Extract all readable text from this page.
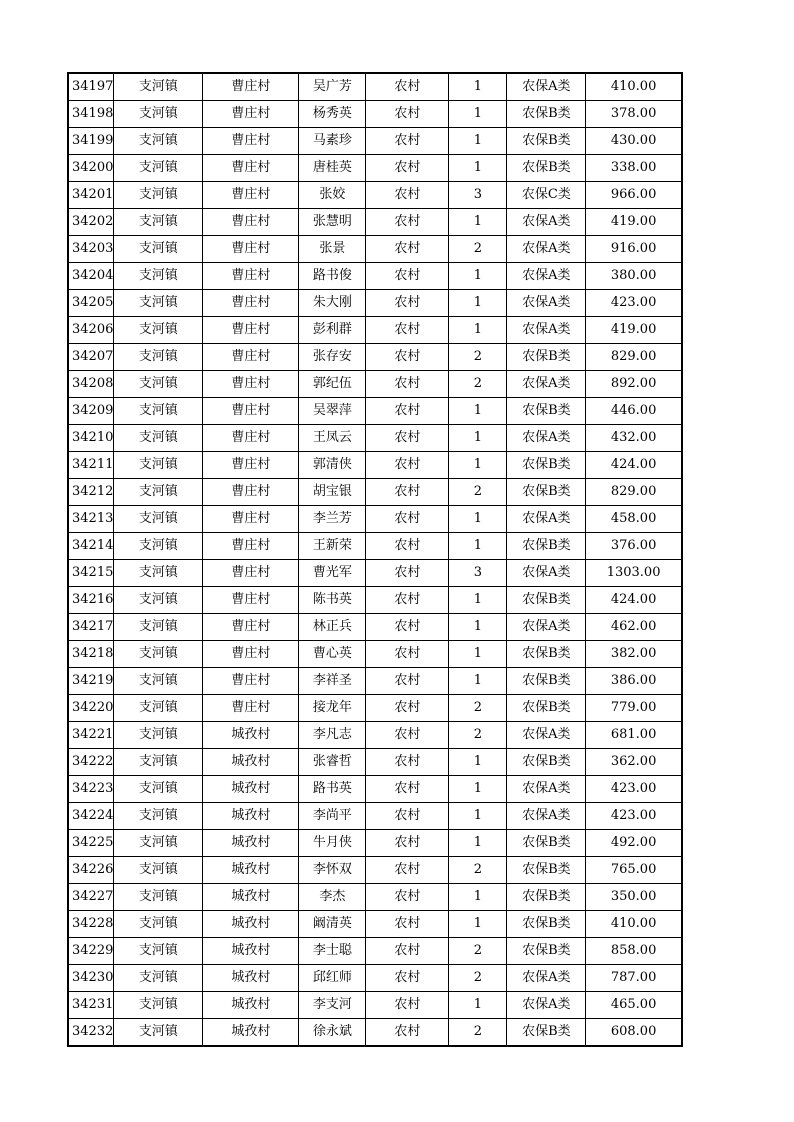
34197	支河镇	曹庄村	吴广芳	农村	1	农保A类	410.00
34198	支河镇	曹庄村	杨秀英	农村	1	农保B类	378.00
34199	支河镇	曹庄村	马素珍	农村	1	农保B类	430.00
34200	支河镇	曹庄村	唐桂英	农村	1	农保B类	338.00
34201	支河镇	曹庄村	张姣	农村	3	农保C类	966.00
34202	支河镇	曹庄村	张慧明	农村	1	农保A类	419.00
34203	支河镇	曹庄村	张景	农村	2	农保A类	916.00
34204	支河镇	曹庄村	路书俊	农村	1	农保A类	380.00
34205	支河镇	曹庄村	朱大刚	农村	1	农保A类	423.00
34206	支河镇	曹庄村	彭利群	农村	1	农保A类	419.00
34207	支河镇	曹庄村	张存安	农村	2	农保B类	829.00
34208	支河镇	曹庄村	郭纪伍	农村	2	农保A类	892.00
34209	支河镇	曹庄村	吴翠萍	农村	1	农保B类	446.00
34210	支河镇	曹庄村	王凤云	农村	1	农保A类	432.00
34211	支河镇	曹庄村	郭清侠	农村	1	农保B类	424.00
34212	支河镇	曹庄村	胡宝银	农村	2	农保B类	829.00
34213	支河镇	曹庄村	李兰芳	农村	1	农保A类	458.00
34214	支河镇	曹庄村	王新荣	农村	1	农保B类	376.00
34215	支河镇	曹庄村	曹光军	农村	3	农保A类	1303.00
34216	支河镇	曹庄村	陈书英	农村	1	农保B类	424.00
34217	支河镇	曹庄村	林正兵	农村	1	农保A类	462.00
34218	支河镇	曹庄村	曹心英	农村	1	农保B类	382.00
34219	支河镇	曹庄村	李祥圣	农村	1	农保B类	386.00
34220	支河镇	曹庄村	接龙年	农村	2	农保B类	779.00
34221	支河镇	城孜村	李凡志	农村	2	农保A类	681.00
34222	支河镇	城孜村	张睿哲	农村	1	农保B类	362.00
34223	支河镇	城孜村	路书英	农村	1	农保A类	423.00
34224	支河镇	城孜村	李尚平	农村	1	农保A类	423.00
34225	支河镇	城孜村	牛月侠	农村	1	农保B类	492.00
34226	支河镇	城孜村	李怀双	农村	2	农保B类	765.00
34227	支河镇	城孜村	李杰	农村	1	农保B类	350.00
34228	支河镇	城孜村	阚清英	农村	1	农保B类	410.00
34229	支河镇	城孜村	李士聪	农村	2	农保B类	858.00
34230	支河镇	城孜村	邱红师	农村	2	农保A类	787.00
34231	支河镇	城孜村	李支河	农村	1	农保A类	465.00
34232	支河镇	城孜村	徐永斌	农村	2	农保B类	608.00
